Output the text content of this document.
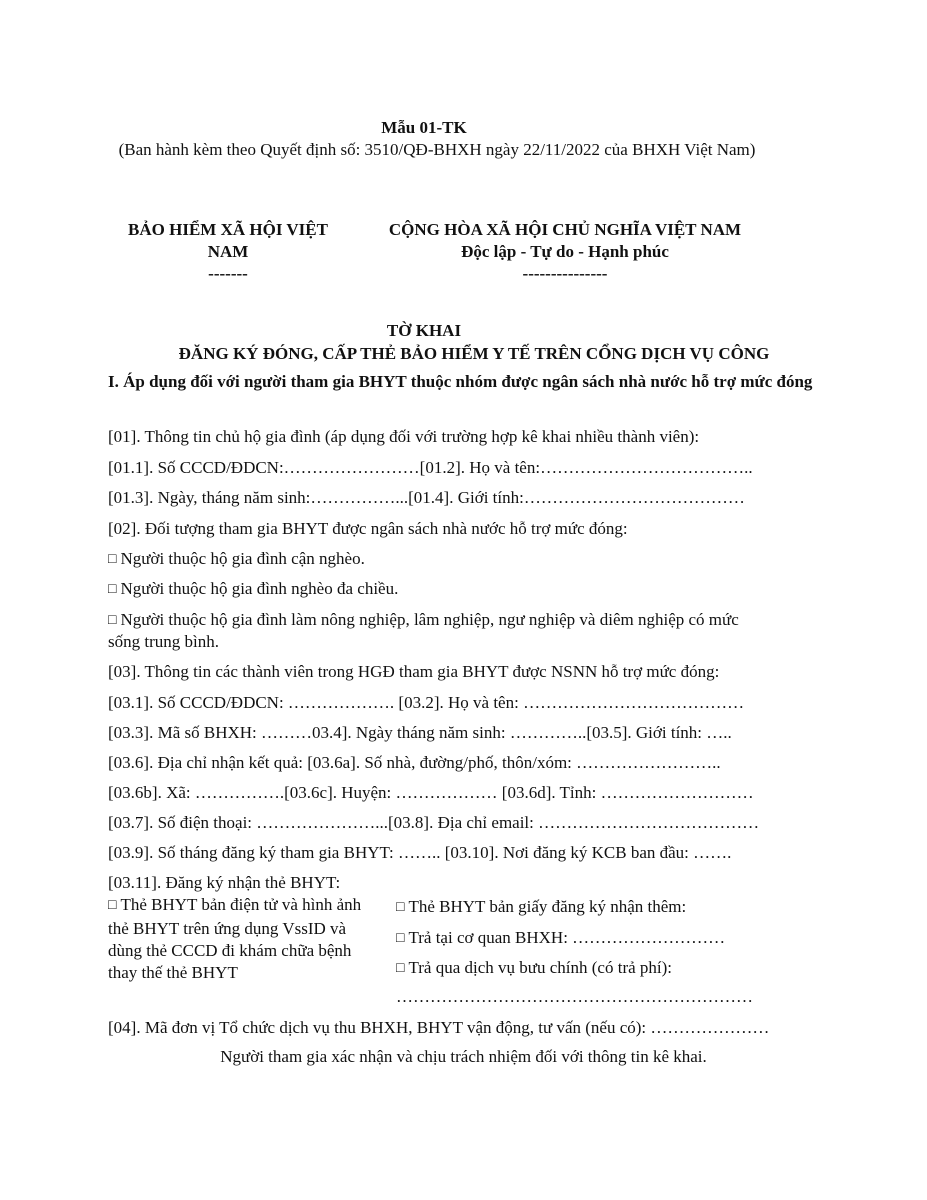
Mẫu 01-TK
(Ban hành kèm theo Quyết định số: 3510/QĐ-BHXH ngày 22/11/2022 của BHXH Việt Nam)
BẢO HIỂM XÃ HỘI VIỆT
NAM
-------
CỘNG HÒA XÃ HỘI CHỦ NGHĨA VIỆT NAM
Độc lập - Tự do - Hạnh phúc
---------------
TỜ KHAI
ĐĂNG KÝ ĐÓNG, CẤP THẺ BẢO HIỂM Y TẾ TRÊN CỔNG DỊCH VỤ CÔNG
I. Áp dụng đối với người tham gia BHYT thuộc nhóm được ngân sách nhà nước hỗ trợ mức đóng
[01]. Thông tin chủ hộ gia đình (áp dụng đối với trường hợp kê khai nhiều thành viên):
[01.1]. Số CCCD/ĐDCN:……………………[01.2]. Họ và tên:………………………………..
[01.3]. Ngày, tháng năm sinh:……………...[01.4]. Giới tính:…………………………………
[02]. Đối tượng tham gia BHYT được ngân sách nhà nước hỗ trợ mức đóng:
□ Người thuộc hộ gia đình cận nghèo.
□ Người thuộc hộ gia đình nghèo đa chiều.
□ Người thuộc hộ gia đình làm nông nghiệp, lâm nghiệp, ngư nghiệp và diêm nghiệp có mức
sống trung bình.
[03]. Thông tin các thành viên trong HGĐ tham gia BHYT được NSNN hỗ trợ mức đóng:
[03.1]. Số CCCD/ĐDCN: ………………. [03.2]. Họ và tên: …………………………………
[03.3]. Mã số BHXH: ………03.4]. Ngày tháng năm sinh: …………..[03.5]. Giới tính: …..
[03.6]. Địa chỉ nhận kết quả: [03.6a]. Số nhà, đường/phố, thôn/xóm: ……………………..
[03.6b]. Xã: …………….[03.6c]. Huyện: ……………… [03.6d]. Tỉnh: ………………………
[03.7]. Số điện thoại: …………………...[03.8]. Địa chỉ email: …………………………………
[03.9]. Số tháng đăng ký tham gia BHYT: …….. [03.10]. Nơi đăng ký KCB ban đầu: …….
[03.11]. Đăng ký nhận thẻ BHYT:
□ Thẻ BHYT bản điện tử và hình ảnh thẻ BHYT trên ứng dụng VssID và dùng thẻ CCCD đi khám chữa bệnh thay thế thẻ BHYT
□ Thẻ BHYT bản giấy đăng ký nhận thêm:
□ Trả tại cơ quan BHXH: ………………………
□ Trả qua dịch vụ bưu chính (có trả phí):
………………………………………………………
[04]. Mã đơn vị Tổ chức dịch vụ thu BHXH, BHYT vận động, tư vấn (nếu có): …………………
Người tham gia xác nhận và chịu trách nhiệm đối với thông tin kê khai.
